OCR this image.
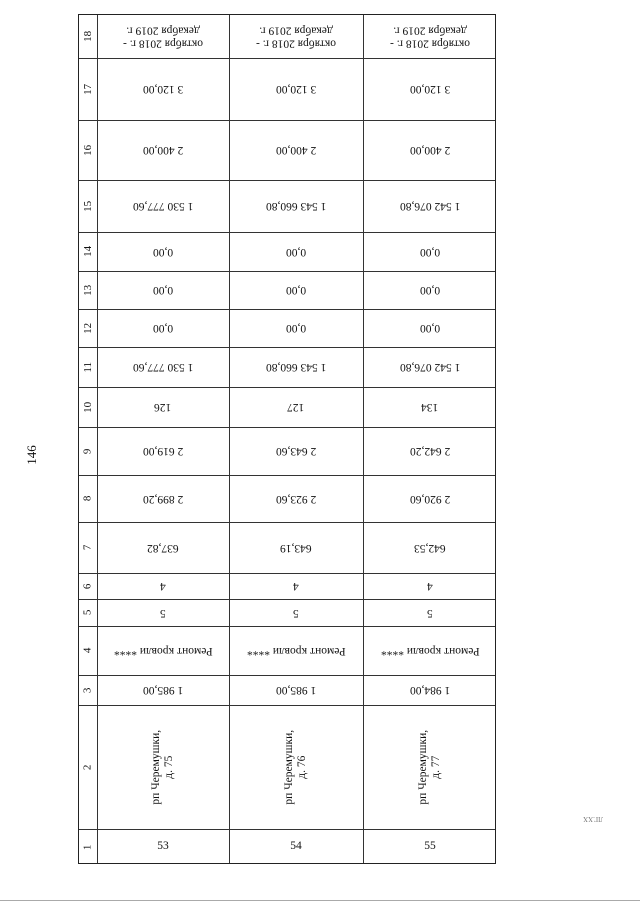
146
1
2
3
4
5
6
7
8
9
10
11
12
13
14
15
16
17
18
53
рп Черемушки, д. 75
1 985,00
Ремонт кровли ****
5
4
637,82
2 899,20
2 619,00
126
1 530 777,60
0,00
0,00
0,00
1 530 777,60
2 400,00
3 120,00
октября 2018 г. -
декабря 2019 г.
54
рп Черемушки, д. 76
1 985,00
Ремонт кровли ****
5
4
643,19
2 923,60
2 643,60
127
1 543 660,80
0,00
0,00
0,00
1 543 660,80
2 400,00
3 120,00
октября 2018 г. -
декабря 2019 г.
55
рп Черемушки, д. 77
1 984,00
Ремонт кровли ****
5
4
642,53
2 920,60
2 642,20
134
1 542 076,80
0,00
0,00
0,00
1 542 076,80
2 400,00
3 120,00
октября 2018 г. -
декабря 2019 г.
ЛГ.ХХ
